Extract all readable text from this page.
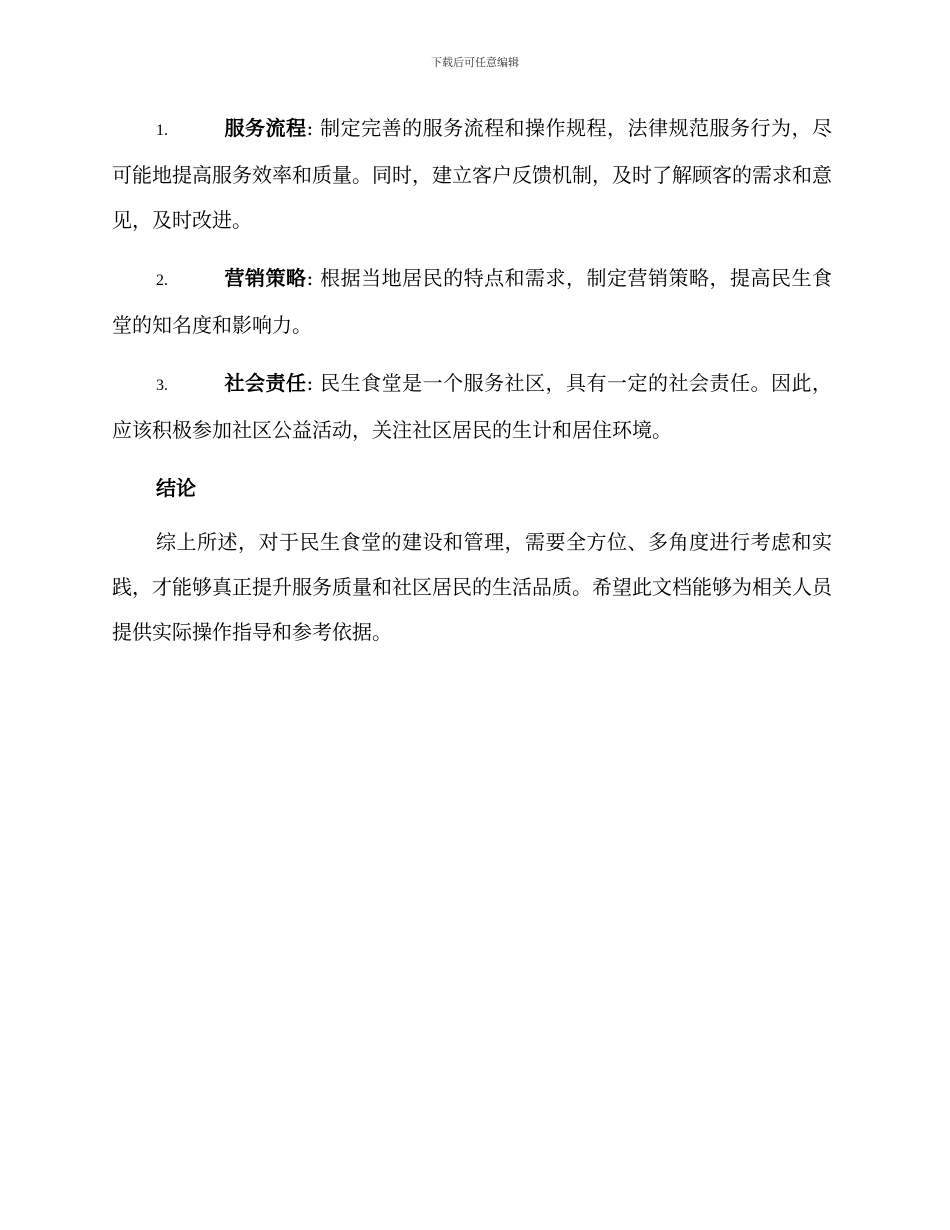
下载后可任意编辑

1.	服务流程: 制定完善的服务流程和操作规程，法律规范服务行为，尽可能地提高服务效率和质量。同时，建立客户反馈机制，及时了解顾客的需求和意见，及时改进。

2.	营销策略: 根据当地居民的特点和需求，制定营销策略，提高民生食堂的知名度和影响力。

3.	社会责任: 民生食堂是一个服务社区，具有一定的社会责任。因此，应该积极参加社区公益活动，关注社区居民的生计和居住环境。

结论

综上所述，对于民生食堂的建设和管理，需要全方位、多角度进行考虑和实践，才能够真正提升服务质量和社区居民的生活品质。希望此文档能够为相关人员提供实际操作指导和参考依据。
